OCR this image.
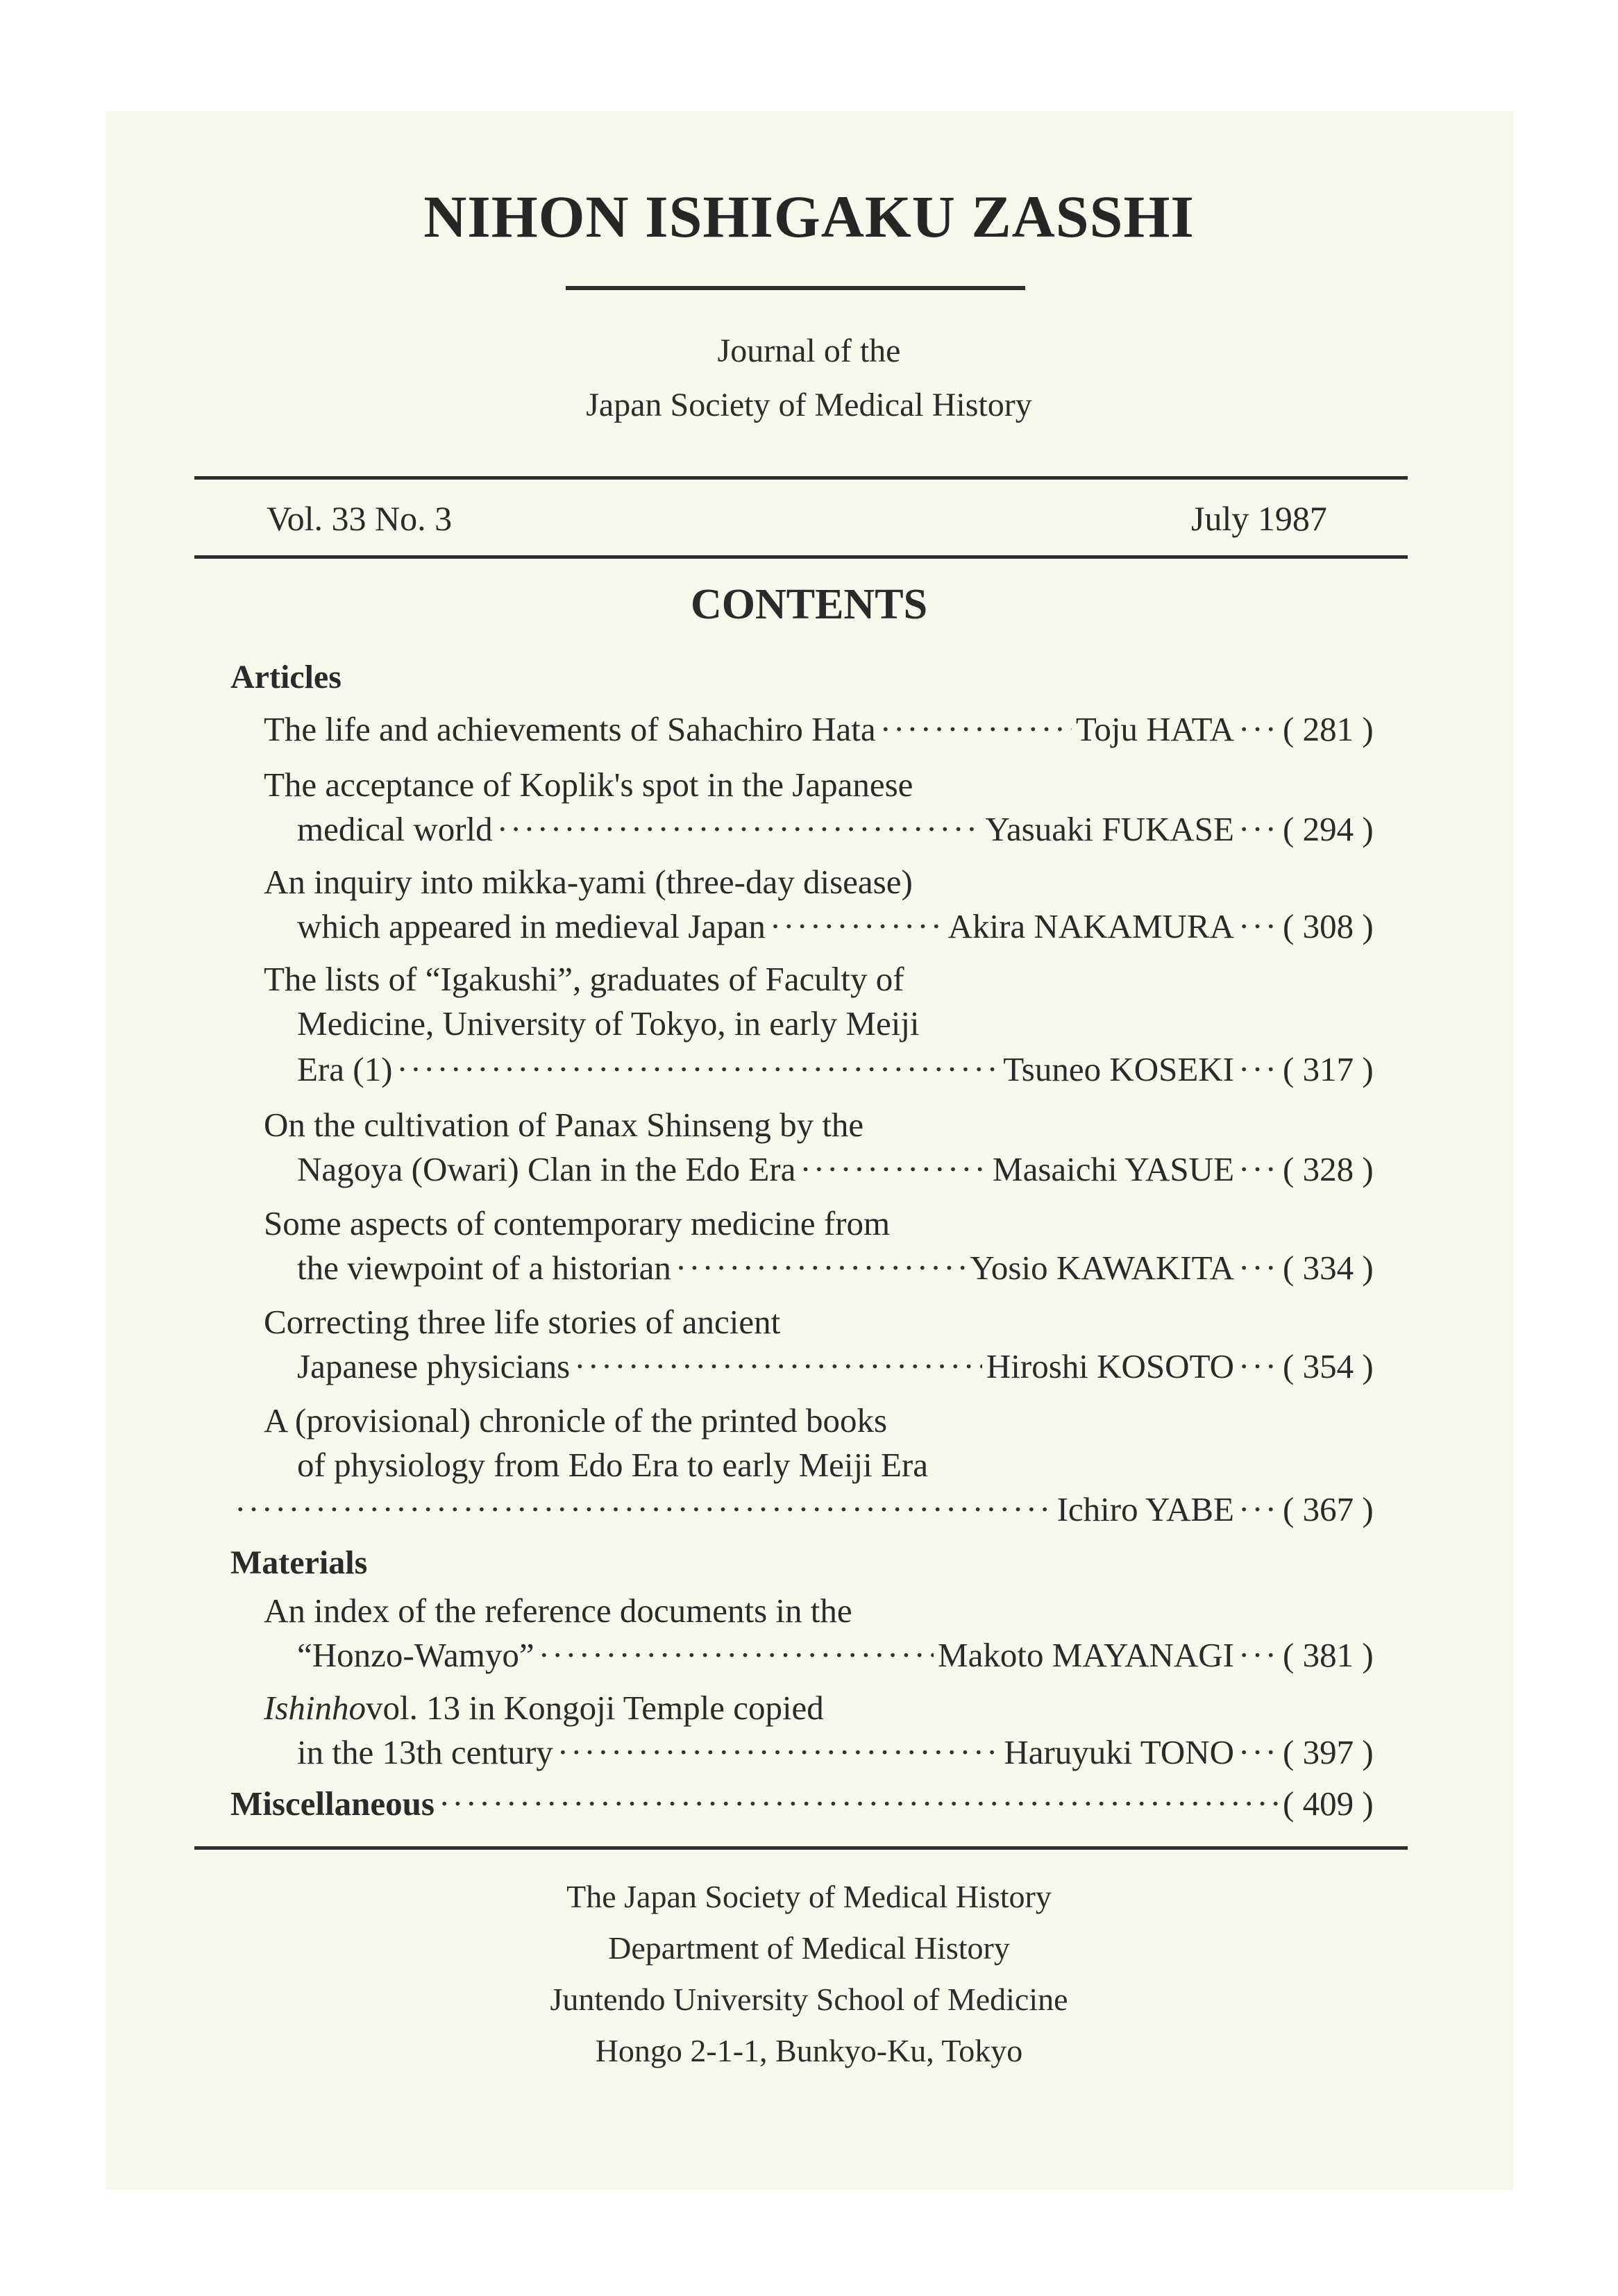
NIHON ISHIGAKU ZASSHI
Journal of the
Japan Society of Medical History
Vol. 33 No. 3	July 1987
CONTENTS
Articles
The life and achievements of Sahachiro Hata ·····	Toju HATA ····· ( 281 )
The acceptance of Koplik's spot in the Japanese
medical world ·····	Yasuaki FUKASE ····· ( 294 )
An inquiry into mikka-yami (three-day disease)
which appeared in medieval Japan ·····	Akira NAKAMURA ····· ( 308 )
The lists of “Igakushi”, graduates of Faculty of
Medicine, University of Tokyo, in early Meiji
Era (1) ·····	Tsuneo KOSEKI ····· ( 317 )
On the cultivation of Panax Shinseng by the
Nagoya (Owari) Clan in the Edo Era ·····	Masaichi YASUE ····· ( 328 )
Some aspects of contemporary medicine from
the viewpoint of a historian ·····	Yosio KAWAKITA ····· ( 334 )
Correcting three life stories of ancient
Japanese physicians ·····	Hiroshi KOSOTO ····· ( 354 )
A (provisional) chronicle of the printed books
of physiology from Edo Era to early Meiji Era
·····
Ichiro YABE ····· ( 367 )
Materials
An index of the reference documents in the
“Honzo-Wamyo” ·····	Makoto MAYANAGI ····· ( 381 )
Ishinho vol. 13 in Kongoji Temple copied
in the 13th century ·····	Haruyuki TONO ····· ( 397 )
Miscellaneous ·····	( 409 )
The Japan Society of Medical History
Department of Medical History
Juntendo University School of Medicine
Hongo 2-1-1, Bunkyo-Ku, Tokyo
